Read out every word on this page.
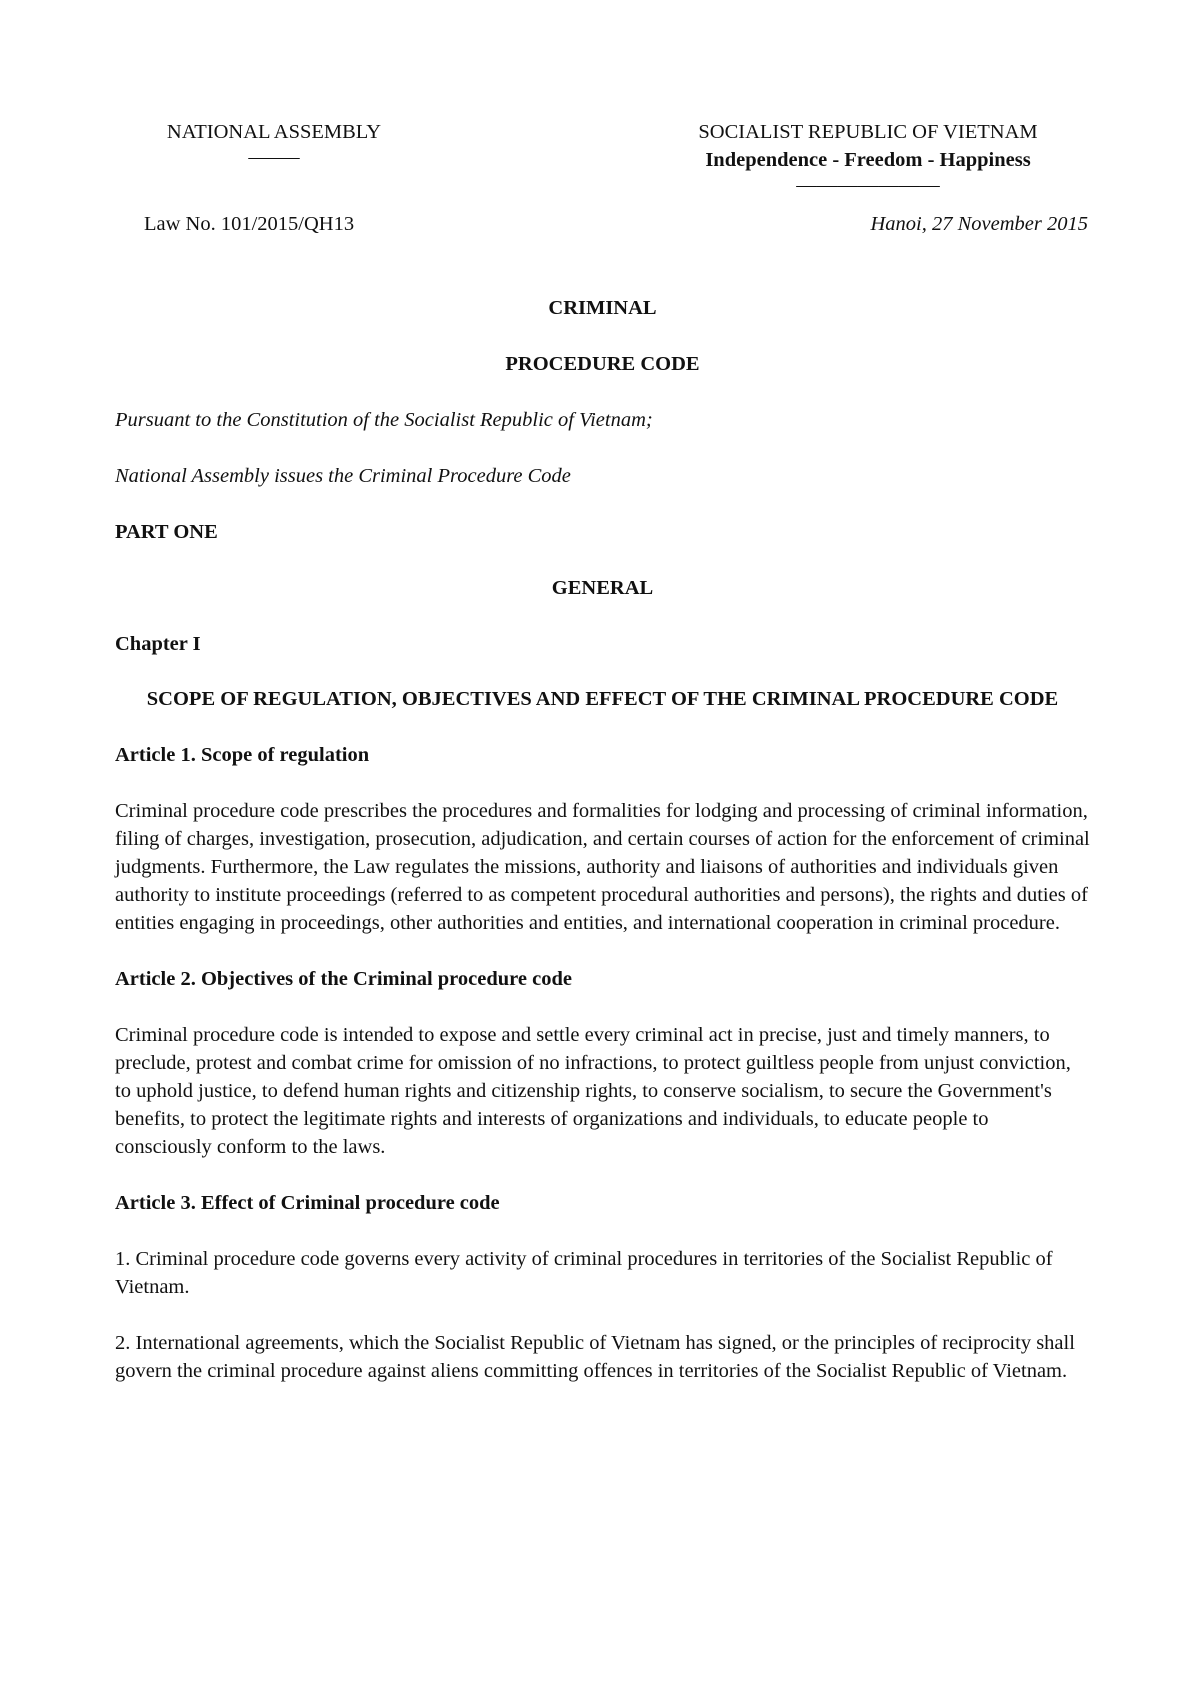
NATIONAL ASSEMBLY

–––––

SOCIALIST REPUBLIC OF VIETNAM

Independence - Freedom - Happiness

––––––––––––––

Law No. 101/2015/QH13	Hanoi, 27 November 2015

CRIMINAL

PROCEDURE CODE

Pursuant to the Constitution of the Socialist Republic of Vietnam;

National Assembly issues the Criminal Procedure Code

PART ONE

GENERAL

Chapter I

SCOPE OF REGULATION, OBJECTIVES AND EFFECT OF THE CRIMINAL PROCEDURE CODE

Article 1. Scope of regulation

Criminal procedure code prescribes the procedures and formalities for lodging and processing of criminal information, filing of charges, investigation, prosecution, adjudication, and certain courses of action for the enforcement of criminal judgments. Furthermore, the Law regulates the missions, authority and liaisons of authorities and individuals given authority to institute proceedings (referred to as competent procedural authorities and persons), the rights and duties of entities engaging in proceedings, other authorities and entities, and international cooperation in criminal procedure.

Article 2. Objectives of the Criminal procedure code

Criminal procedure code is intended to expose and settle every criminal act in precise, just and timely manners, to preclude, protest and combat crime for omission of no infractions, to protect guiltless people from unjust conviction, to uphold justice, to defend human rights and citizenship rights, to conserve socialism, to secure the Government's benefits, to protect the legitimate rights and interests of organizations and individuals, to educate people to consciously conform to the laws.

Article 3. Effect of Criminal procedure code

1. Criminal procedure code governs every activity of criminal procedures in territories of the Socialist Republic of Vietnam.

2. International agreements, which the Socialist Republic of Vietnam has signed, or the principles of reciprocity shall govern the criminal procedure against aliens committing offences in territories of the Socialist Republic of Vietnam.
